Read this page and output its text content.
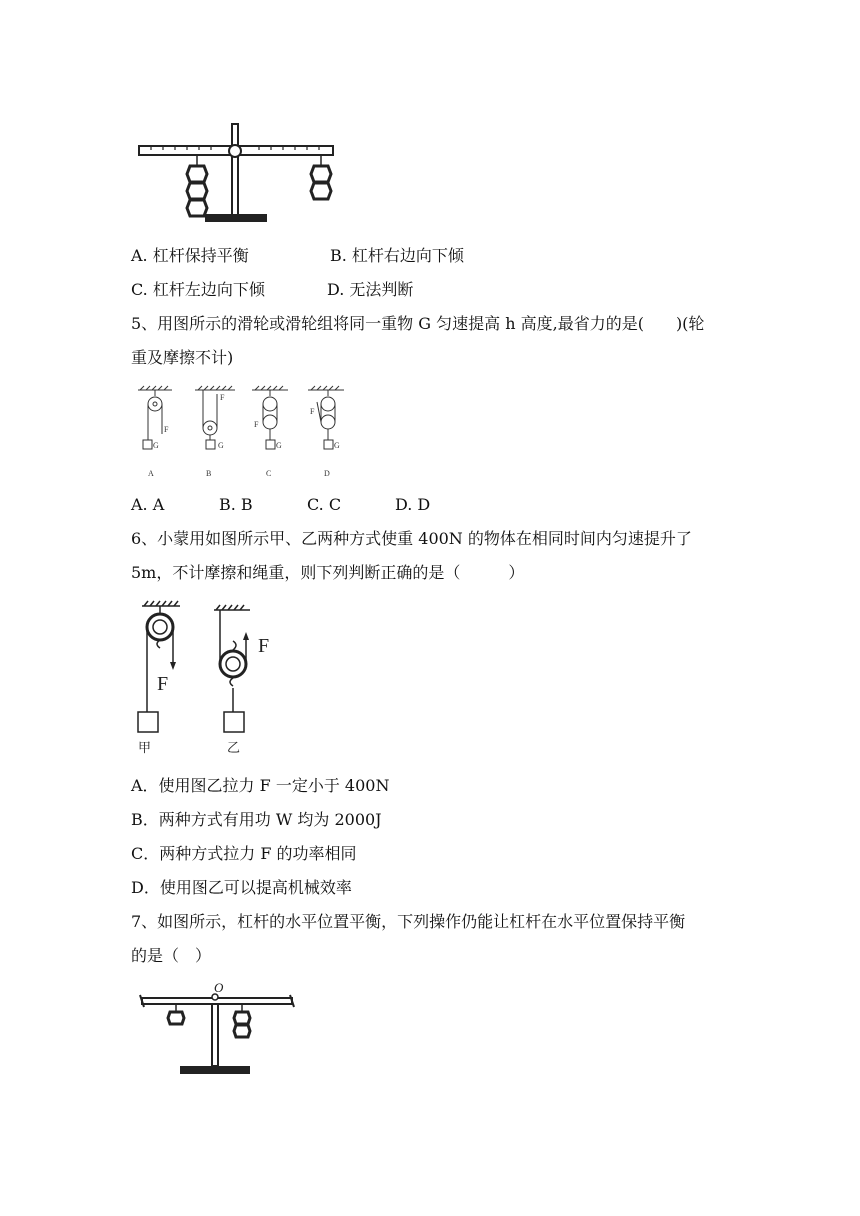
A. 杠杆保持平衡	B. 杠杆右边向下倾
C. 杠杆左边向下倾	D. 无法判断
5、用图所示的滑轮或滑轮组将同一重物 G 匀速提高 h 高度,最省力的是(　　)(轮
重及摩擦不计)
G
F
G
F
G
F
G
F
A	B	C	D
A. A	B. B	C. C	D. D
6、小蒙用如图所示甲、乙两种方式使重 400N 的物体在相同时间内匀速提升了
5m，不计摩擦和绳重，则下列判断正确的是（　　　）
F
F
甲	乙
A．使用图乙拉力 F 一定小于 400N
B．两种方式有用功 W 均为 2000J
C．两种方式拉力 F 的功率相同
D．使用图乙可以提高机械效率
7、如图所示，杠杆的水平位置平衡，下列操作仍能让杠杆在水平位置保持平衡
的是（　）
O
